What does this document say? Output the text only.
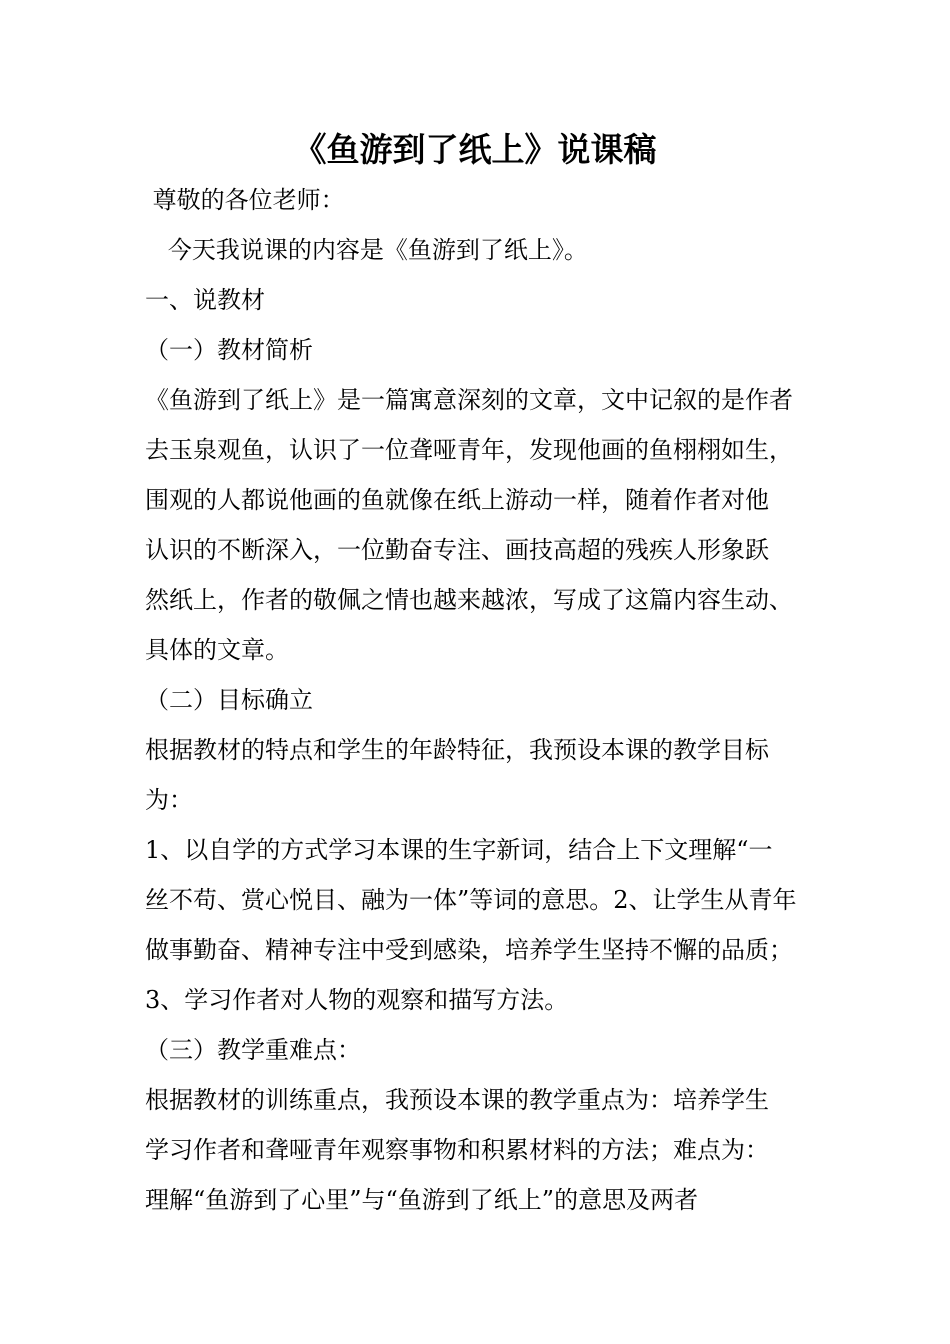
《鱼游到了纸上》说课稿
尊敬的各位老师：
今天我说课的内容是《鱼游到了纸上》。
一、说教材
（一）教材简析
《鱼游到了纸上》是一篇寓意深刻的文章，文中记叙的是作者
去玉泉观鱼，认识了一位聋哑青年，发现他画的鱼栩栩如生，
围观的人都说他画的鱼就像在纸上游动一样，随着作者对他
认识的不断深入，一位勤奋专注、画技高超的残疾人形象跃
然纸上，作者的敬佩之情也越来越浓，写成了这篇内容生动、
具体的文章。
（二）目标确立
根据教材的特点和学生的年龄特征，我预设本课的教学目标
为：
1、以自学的方式学习本课的生字新词，结合上下文理解“一
丝不苟、赏心悦目、融为一体”等词的意思。2、让学生从青年
做事勤奋、精神专注中受到感染，培养学生坚持不懈的品质；
3、学习作者对人物的观察和描写方法。
（三）教学重难点：
根据教材的训练重点，我预设本课的教学重点为：培养学生
学习作者和聋哑青年观察事物和积累材料的方法；难点为：
理解“鱼游到了心里”与“鱼游到了纸上”的意思及两者
